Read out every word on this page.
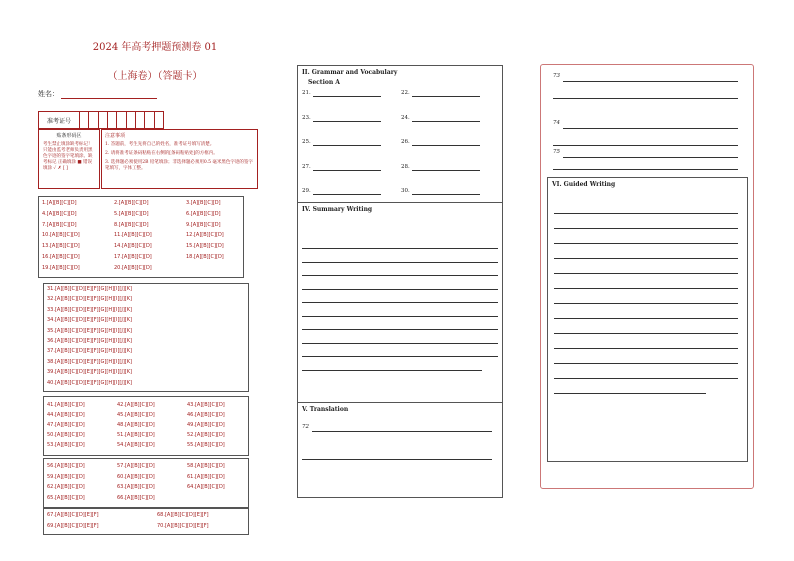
2024 年高考押题预测卷 01
（上海卷）（答题卡）
姓名：
准考证号
贴条形码区
考生禁止填涂缺考标记！只能由监考老师负责用黑色字迹的签字笔填涂。缺考标记 正确填涂 ■ 错误填涂 ✓ ✗ [ ]
注意事项

1. 答题前，考生先将自己的姓名，准考证号填写清楚。

2. 请将准考证条码粘贴在右侧的[条码粘贴处]的方框内。

3. 选择题必须使用2B 铅笔填涂；非选择题必须用0.5 毫米黑色字迹的签字笔填写，字体工整。

1.[A][B][C][D]	2.[A][B][C][D]	3.[A][B][C][D]
4.[A][B][C][D]	5.[A][B][C][D]	6.[A][B][C][D]
7.[A][B][C][D]	8.[A][B][C][D]	9.[A][B][C][D]
10.[A][B][C][D]	11.[A][B][C][D]	12.[A][B][C][D]
13.[A][B][C][D]	14.[A][B][C][D]	15.[A][B][C][D]
16.[A][B][C][D]	17.[A][B][C][D]	18.[A][B][C][D]
19.[A][B][C][D]	20.[A][B][C][D]
31.[A][B][C][D][E][F][G][H][I][J][K]
32.[A][B][C][D][E][F][G][H][I][J][K]
33.[A][B][C][D][E][F][G][H][I][J][K]
34.[A][B][C][D][E][F][G][H][I][J][K]
35.[A][B][C][D][E][F][G][H][I][J][K]
36.[A][B][C][D][E][F][G][H][I][J][K]
37.[A][B][C][D][E][F][G][H][I][J][K]
38.[A][B][C][D][E][F][G][H][I][J][K]
39.[A][B][C][D][E][F][G][H][I][J][K]
40.[A][B][C][D][E][F][G][H][I][J][K]
41.[A][B][C][D]	42.[A][B][C][D]	43.[A][B][C][D]
44.[A][B][C][D]	45.[A][B][C][D]	46.[A][B][C][D]
47.[A][B][C][D]	48.[A][B][C][D]	49.[A][B][C][D]
50.[A][B][C][D]	51.[A][B][C][D]	52.[A][B][C][D]
53.[A][B][C][D]	54.[A][B][C][D]	55.[A][B][C][D]
56.[A][B][C][D]	57.[A][B][C][D]	58.[A][B][C][D]
59.[A][B][C][D]	60.[A][B][C][D]	61.[A][B][C][D]
62.[A][B][C][D]	63.[A][B][C][D]	64.[A][B][C][D]
65.[A][B][C][D]	66.[A][B][C][D]
67.[A][B][C][D][E][F]	68.[A][B][C][D][E][F]
69.[A][B][C][D][E][F]	70.[A][B][C][D][E][F]
II. Grammar and Vocabulary
Section A
21.	22.
23.	24.
25.	26.
27.	28.
29.	30.
IV. Summary Writing
V. Translation
72
73
74
75
VI. Guided Writing
